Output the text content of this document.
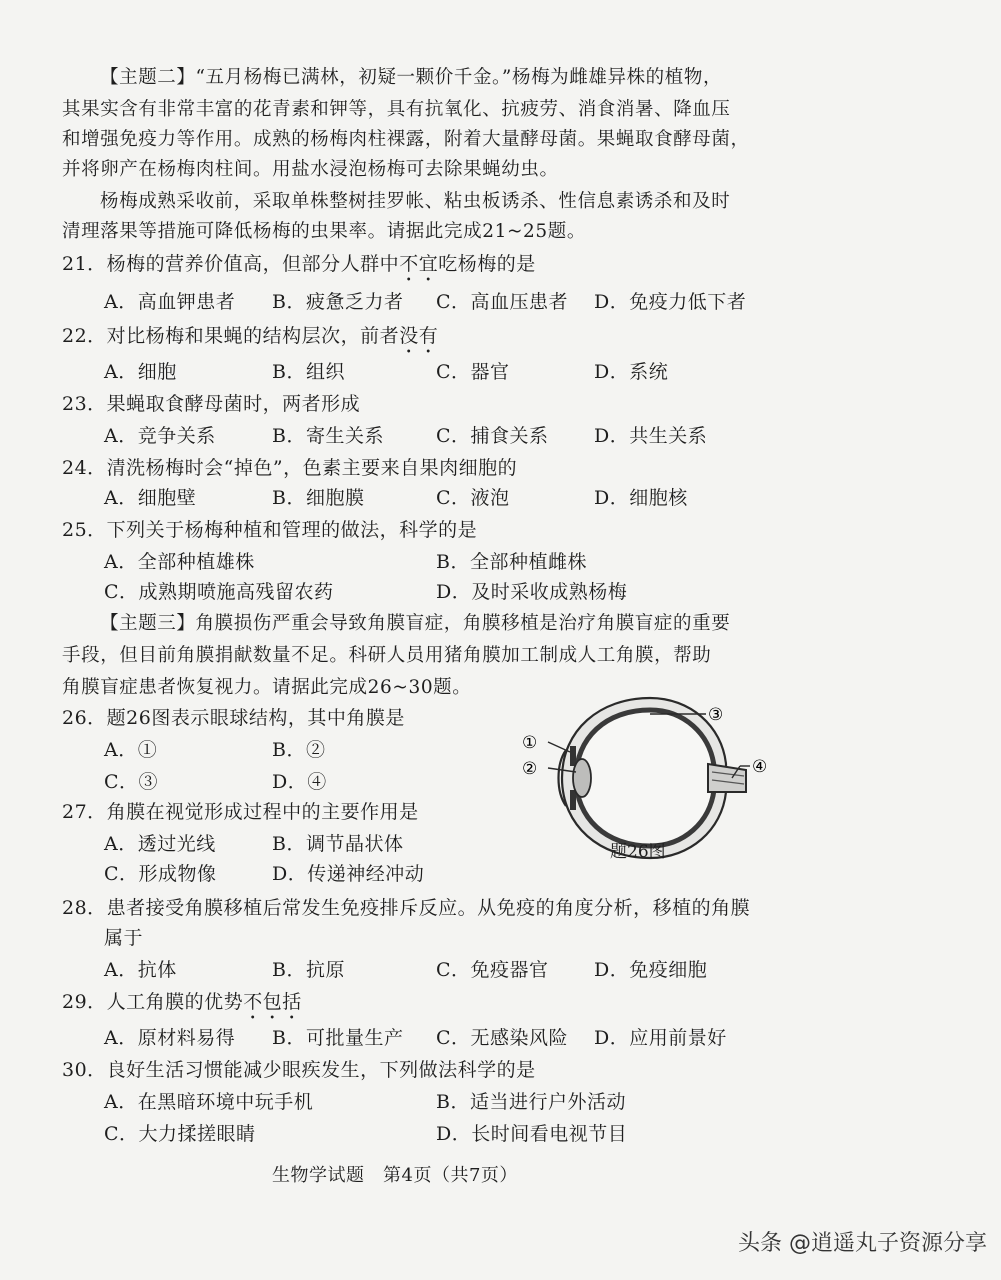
【主题二】“五月杨梅已满林，初疑一颗价千金。”杨梅为雌雄异株的植物，
其果实含有非常丰富的花青素和钾等，具有抗氧化、抗疲劳、消食消暑、降血压
和增强免疫力等作用。成熟的杨梅肉柱裸露，附着大量酵母菌。果蝇取食酵母菌，
并将卵产在杨梅肉柱间。用盐水浸泡杨梅可去除果蝇幼虫。
杨梅成熟采收前，采取单株整树挂罗帐、粘虫板诱杀、性信息素诱杀和及时
清理落果等措施可降低杨梅的虫果率。请据此完成21~25题。
21．杨梅的营养价值高，但部分人群中不宜吃杨梅的是
A．高血钾患者 B．疲惫乏力者 C．高血压患者 D．免疫力低下者
22．对比杨梅和果蝇的结构层次，前者没有
A．细胞	B．组织	C．器官	D．系统
23．果蝇取食酵母菌时，两者形成
A．竞争关系	B．寄生关系	C．捕食关系 D．共生关系
24．清洗杨梅时会“掉色”，色素主要来自果肉细胞的
A．细胞壁	B．细胞膜	C．液泡	D．细胞核
25．下列关于杨梅种植和管理的做法，科学的是
A．全部种植雄株	B．全部种植雌株
C．成熟期喷施高残留农药	D．及时采收成熟杨梅
【主题三】角膜损伤严重会导致角膜盲症，角膜移植是治疗角膜盲症的重要
手段，但目前角膜捐献数量不足。科研人员用猪角膜加工制成人工角膜，帮助
角膜盲症患者恢复视力。请据此完成26~30题。
26．题26图表示眼球结构，其中角膜是
A．①	B．②
C．③	D．④
①
②
③
④
题26图
27．角膜在视觉形成过程中的主要作用是
A．透过光线	B．调节晶状体
C．形成物像	D．传递神经冲动
28．患者接受角膜移植后常发生免疫排斥反应。从免疫的角度分析，移植的角膜
属于
A．抗体	B．抗原	C．免疫器官 D．免疫细胞
29．人工角膜的优势不包括
A．原材料易得 B．可批量生产 C．无感染风险 D．应用前景好
30．良好生活习惯能减少眼疾发生，下列做法科学的是
A．在黑暗环境中玩手机	B．适当进行户外活动
C．大力揉搓眼睛	D．长时间看电视节目
生物学试题　第4页（共7页）
头条 @逍遥丸子资源分享
